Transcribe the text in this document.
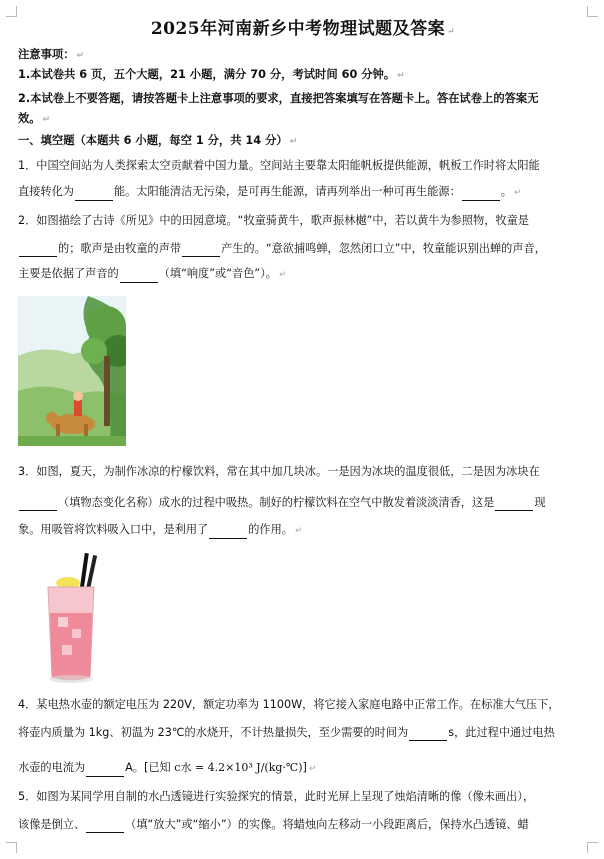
2025年河南新乡中考物理试题及答案 ↵
注意事项： ↵
1.本试卷共 6 页，五个大题，21 小题，满分 70 分，考试时间 60 分钟。 ↵
2.本试卷上不要答题，请按答题卡上注意事项的要求，直接把答案填写在答题卡上。答在试卷上的答案无
效。 ↵
一、填空题（本题共 6 小题，每空 1 分，共 14 分） ↵
1．中国空间站为人类探索太空贡献着中国力量。空间站主要靠太阳能帆板提供能源，帆板工作时将太阳能
直接转化为	能。太阳能清洁无污染，是可再生能源，请再列举出一种可再生能源：	。 ↵
2．如图描绘了古诗《所见》中的田园意境。“牧童骑黄牛，歌声振林樾”中，若以黄牛为参照物，牧童是
的；歌声是由牧童的声带	产生的。“意欲捕鸣蝉，忽然闭口立”中，牧童能识别出蝉的声音，
主要是依据了声音的	（填“响度”或“音色”）。 ↵
3．如图，夏天，为制作冰凉的柠檬饮料，常在其中加几块冰。一是因为冰块的温度很低，二是因为冰块在
（填物态变化名称）成水的过程中吸热。制好的柠檬饮料在空气中散发着淡淡清香，这是	现
象。用吸管将饮料吸入口中，是利用了	的作用。 ↵
4．某电热水壶的额定电压为 220V，额定功率为 1100W，将它接入家庭电路中正常工作。在标准大气压下，
将壶内质量为 1kg、初温为 23℃的水烧开，不计热量损失，至少需要的时间为	s，此过程中通过电热
水壶的电流为	A。[已知 c水 = 4.2×10³ J/(kg·℃)] ↵
5．如图为某同学用自制的水凸透镜进行实验探究的情景，此时光屏上呈现了烛焰清晰的像（像未画出），
该像是倒立、	（填“放大”或“缩小”）的实像。将蜡烛向左移动一小段距离后，保持水凸透镜、蜡
